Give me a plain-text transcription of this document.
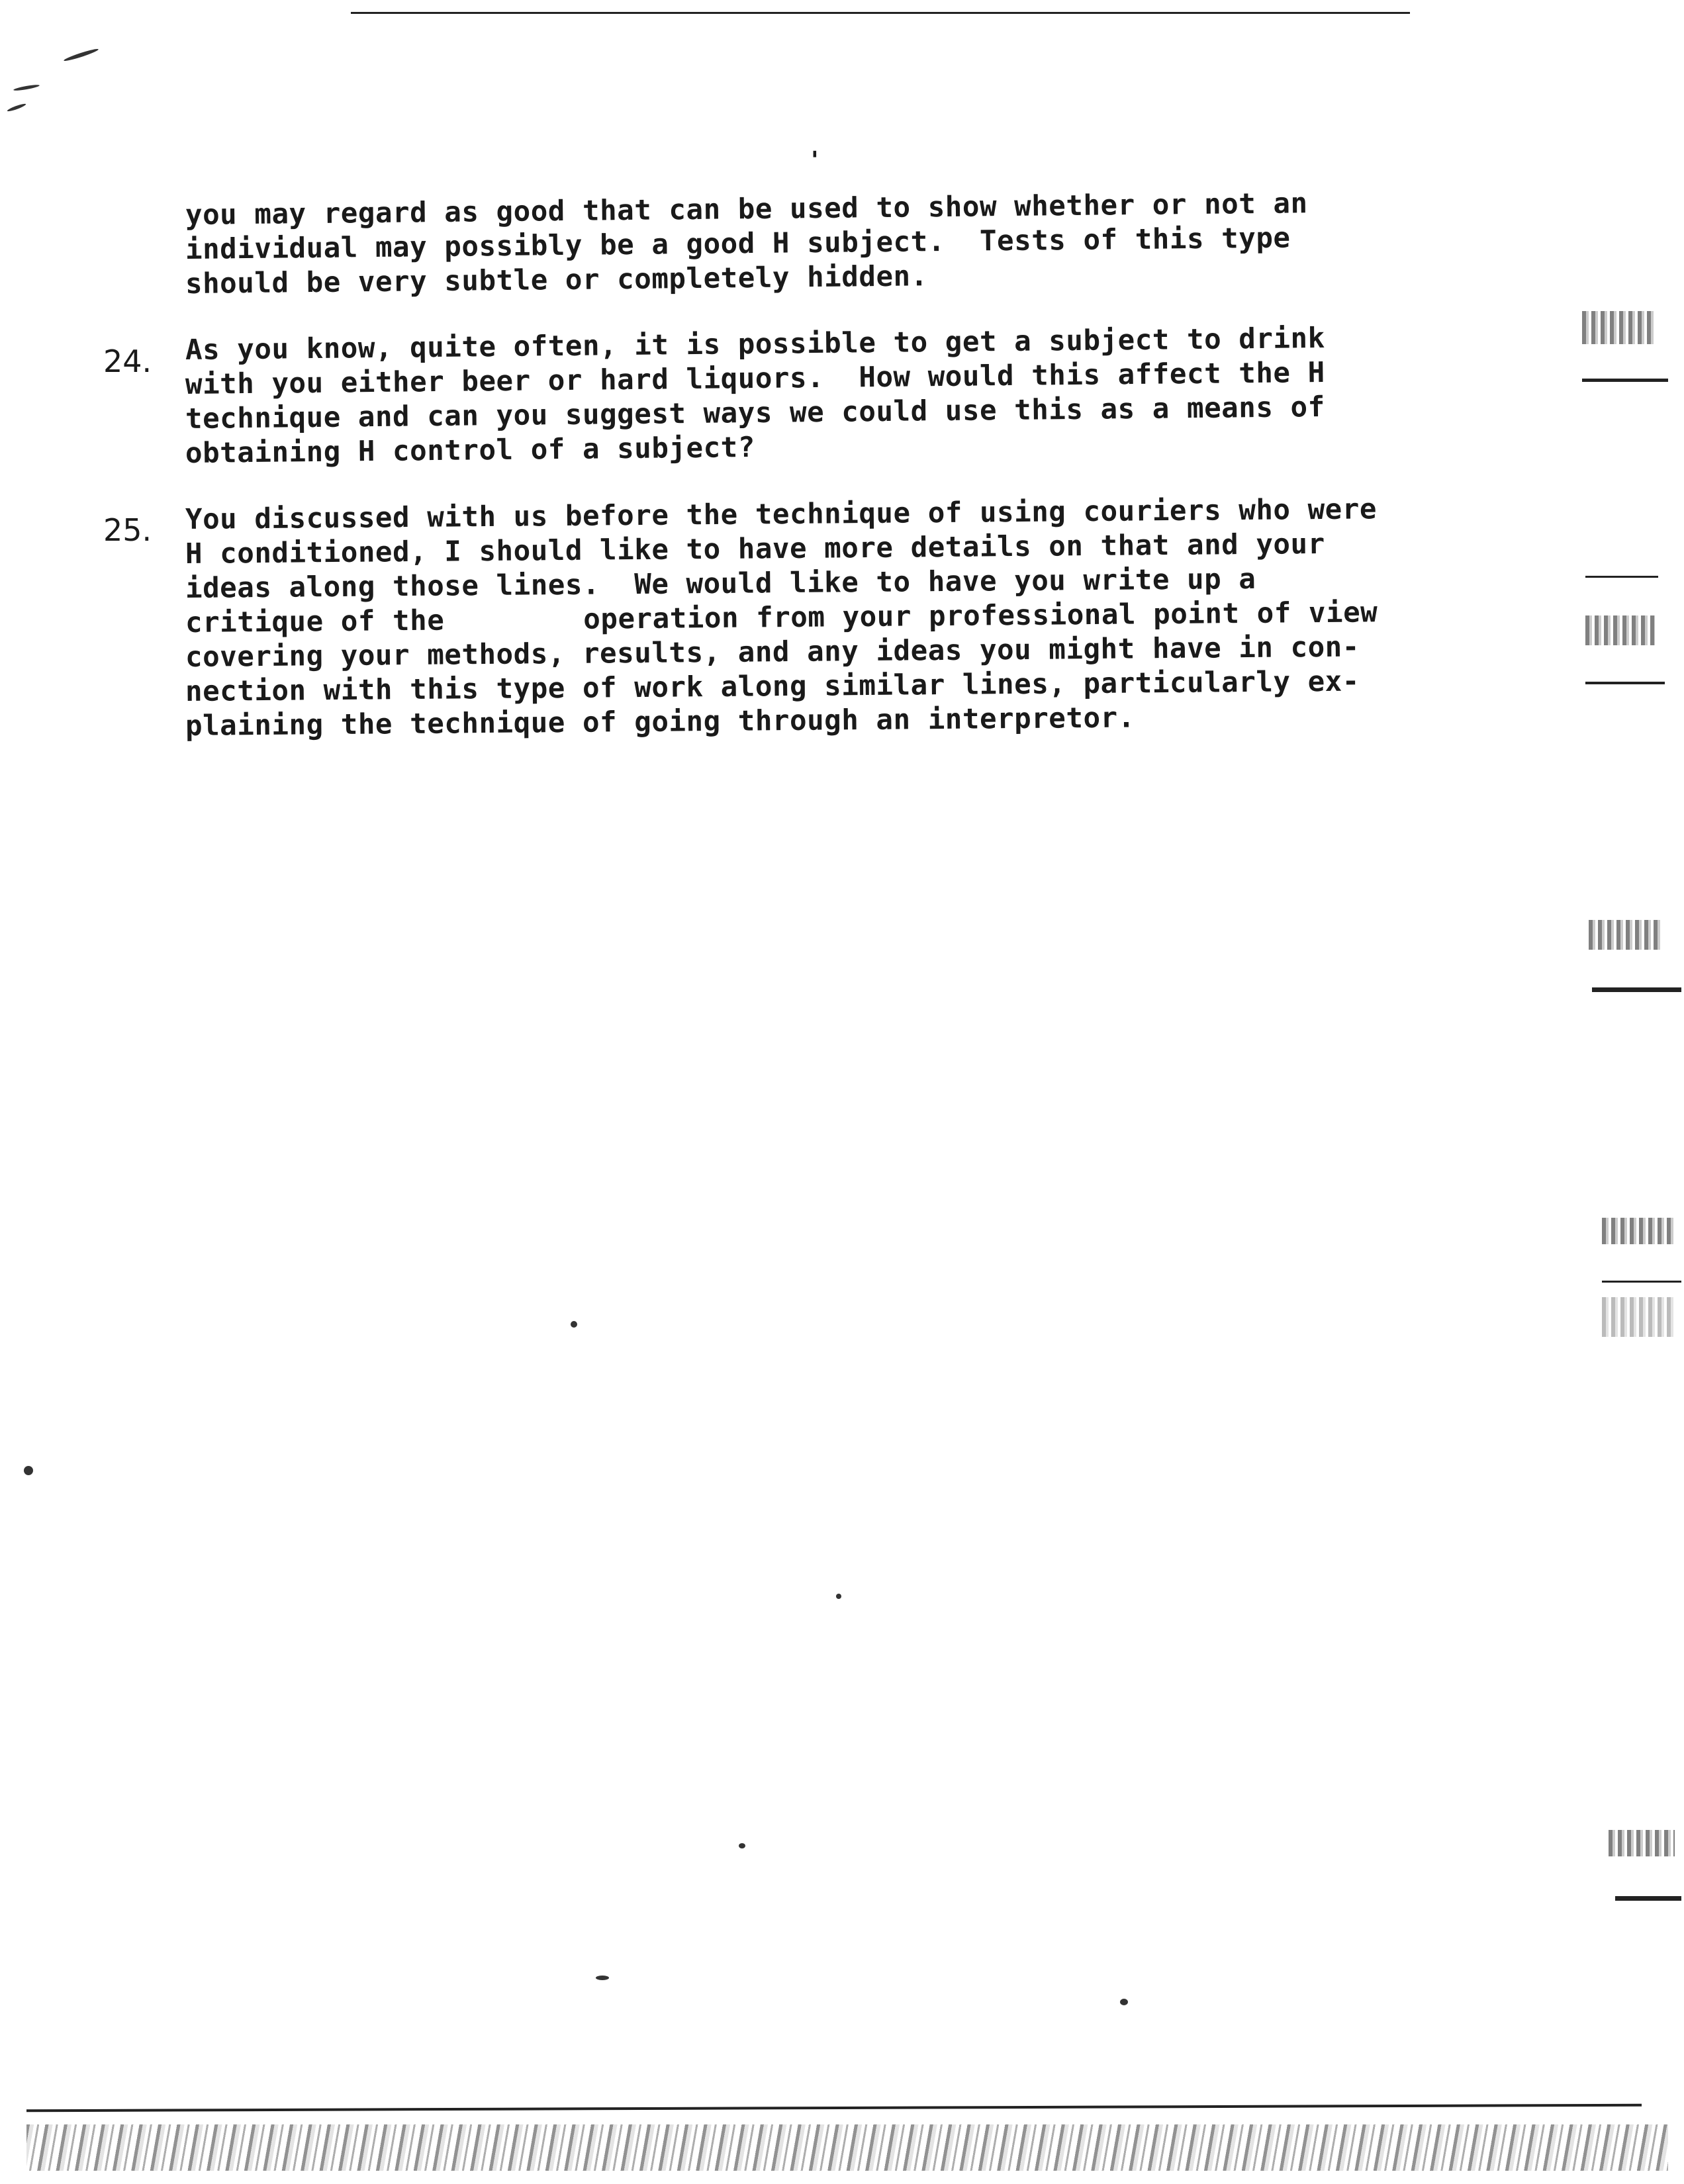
'
you may regard as good that can be used to show whether or not an
individual may possibly be a good H subject.  Tests of this type
should be very subtle or completely hidden.
24. As you know, quite often, it is possible to get a subject to drink
with you either beer or hard liquors.  How would this affect the H
technique and can you suggest ways we could use this as a means of
obtaining H control of a subject?
25. You discussed with us before the technique of using couriers who were
H conditioned, I should like to have more details on that and your
ideas along those lines.  We would like to have you write up a
critique of the	operation from your professional point of view
covering your methods, results, and any ideas you might have in con-
nection with this type of work along similar lines, particularly ex-
plaining the technique of going through an interpretor.
